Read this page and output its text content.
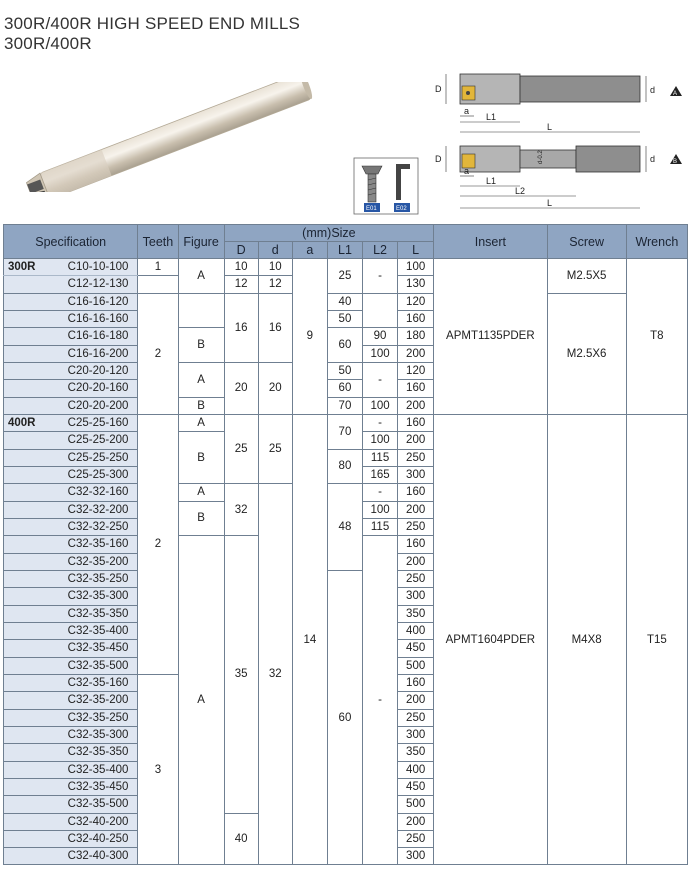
300R/400R HIGH SPEED END MILLS
300R/400R
D	d
a
L1
L
A
d-0.2
D	d
a
L1
L2
L
B
E01	E02
Specification	Teeth	Figure	(mm)Size						Insert	Screw	Wrench
			D	d	a	L1	L2	L			

300R C10-10-100	1	A	10	10	9	25	-	100	APMT1135PDER	M2.5X5	T8
C12-12-130			12	12				130			
C16-16-120	2		16	16		40		120		M2.5X6	
C16-16-160						50		160			
C16-16-180		B				60	90	180			
C16-16-200							100	200			
C20-20-120		A	20	20		50	-	120			
C20-20-160						60		160			
C20-20-200		B				70	100	200			

400R C25-25-160	2	A	25	25	14	70	-	160	APMT1604PDER	M4X8	T15
C25-25-200		B					100	200			
C25-25-250						80	115	250			
C25-25-300							165	300			
C32-32-160		A	32	32		48	-	160			
C32-32-200		B					100	200			
C32-32-250							115	250			
C32-35-160		A	35				-	160			
C32-35-200								200			
C32-35-250						60		250			
C32-35-300								300			
C32-35-350								350			
C32-35-400								400			
C32-35-450								450			
C32-35-500								500			
C32-35-160	3							160			
C32-35-200								200			
C32-35-250								250			
C32-35-300								300			
C32-35-350								350			
C32-35-400								400			
C32-35-450								450			
C32-35-500								500			
C32-40-200			40					200			
C32-40-250								250			
C32-40-300								300			
